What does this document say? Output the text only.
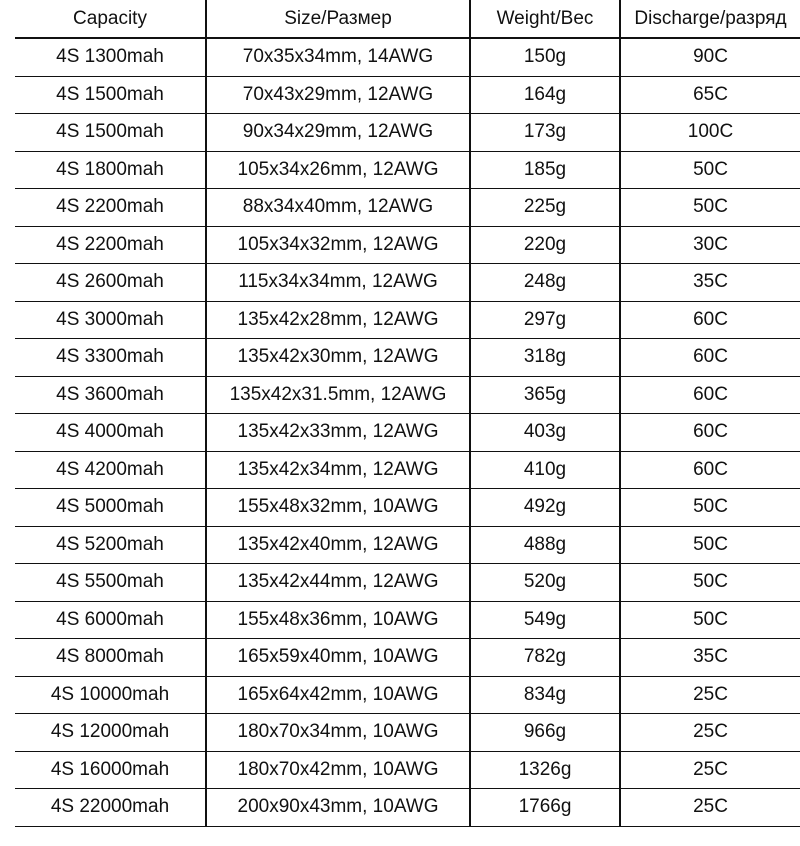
Capacity	Size/Размер	Weight/Вес	Discharge/разряд
4S 1300mah	70x35x34mm, 14AWG	150g	90C
4S 1500mah	70x43x29mm, 12AWG	164g	65C
4S 1500mah	90x34x29mm, 12AWG	173g	100C
4S 1800mah	105x34x26mm, 12AWG	185g	50C
4S 2200mah	88x34x40mm, 12AWG	225g	50C
4S 2200mah	105x34x32mm, 12AWG	220g	30C
4S 2600mah	115x34x34mm, 12AWG	248g	35C
4S 3000mah	135x42x28mm, 12AWG	297g	60C
4S 3300mah	135x42x30mm, 12AWG	318g	60C
4S 3600mah	135x42x31.5mm, 12AWG	365g	60C
4S 4000mah	135x42x33mm, 12AWG	403g	60C
4S 4200mah	135x42x34mm, 12AWG	410g	60C
4S 5000mah	155x48x32mm, 10AWG	492g	50C
4S 5200mah	135x42x40mm, 12AWG	488g	50C
4S 5500mah	135x42x44mm, 12AWG	520g	50C
4S 6000mah	155x48x36mm, 10AWG	549g	50C
4S 8000mah	165x59x40mm, 10AWG	782g	35C
4S 10000mah	165x64x42mm, 10AWG	834g	25C
4S 12000mah	180x70x34mm, 10AWG	966g	25C
4S 16000mah	180x70x42mm, 10AWG	1326g	25C
4S 22000mah	200x90x43mm, 10AWG	1766g	25C
